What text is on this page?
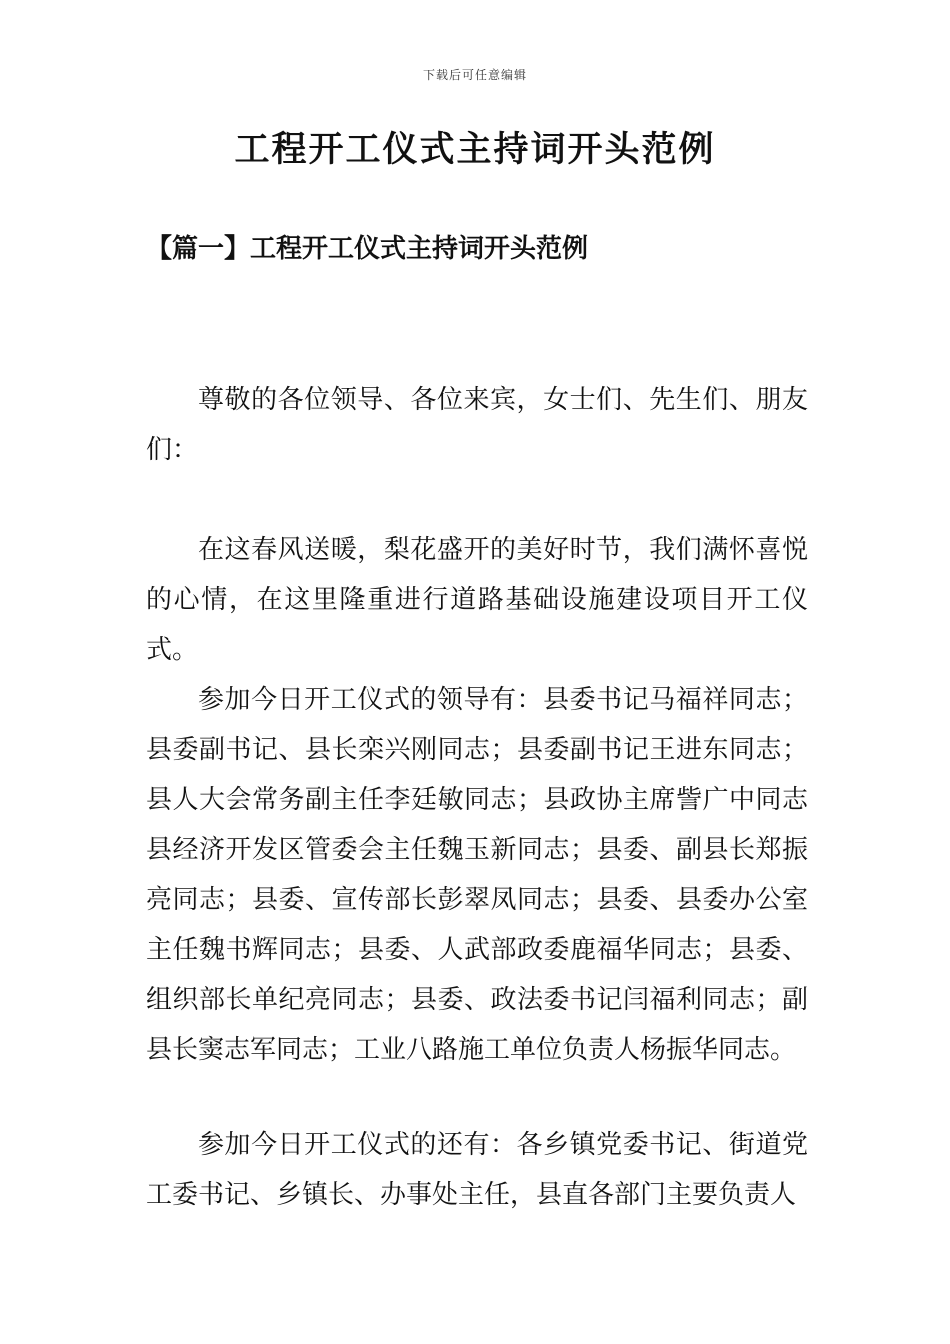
下载后可任意编辑
工程开工仪式主持词开头范例
【篇一】工程开工仪式主持词开头范例

尊敬的各位领导、各位来宾，女士们、先生们、朋友们：

在这春风送暖，梨花盛开的美好时节，我们满怀喜悦的心情，在这里隆重进行道路基础设施建设项目开工仪式。

参加今日开工仪式的领导有：县委书记马福祥同志；县委副书记、县长栾兴刚同志；县委副书记王进东同志；县人大会常务副主任李廷敏同志；县政协主席訾广中同志县经济开发区管委会主任魏玉新同志；县委、副县长郑振亮同志；县委、宣传部长彭翠凤同志；县委、县委办公室主任魏书辉同志；县委、人武部政委鹿福华同志；县委、组织部长单纪亮同志；县委、政法委书记闫福利同志；副县长窦志军同志；工业八路施工单位负责人杨振华同志。

参加今日开工仪式的还有：各乡镇党委书记、街道党工委书记、乡镇长、办事处主任，县直各部门主要负责人
